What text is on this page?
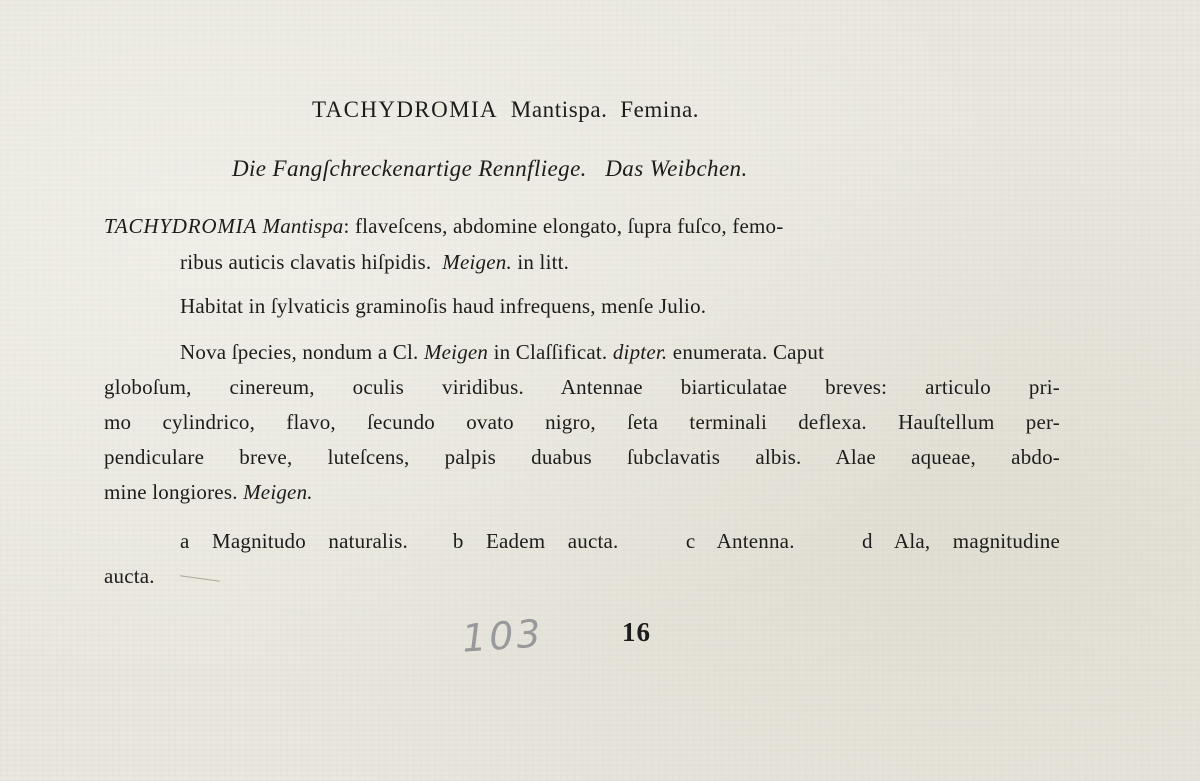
TACHYDROMIA Mantispa. Femina.
Die Fangſchreckenartige Rennfliege. Das Weibchen.
TACHYDROMIA Mantispa: flaveſcens, abdomine elongato, ſupra fuſco, femo-
ribus auticis clavatis hiſpidis. Meigen. in litt.
Habitat in ſylvaticis graminoſis haud infrequens, menſe Julio.
Nova ſpecies, nondum a Cl. Meigen in Claſſificat. dipter. enumerata. Caput
globoſum, cinereum, oculis viridibus. Antennae biarticulatae breves: articulo pri-
mo cylindrico, flavo, ſecundo ovato nigro, ſeta terminali deflexa. Hauſtellum per-
pendiculare breve, luteſcens, palpis duabus ſubclavatis albis. Alae aqueae, abdo-
mine longiores. Meigen.
a Magnitudo naturalis.  b Eadem aucta.   c Antenna.   d Ala, magnitudine
aucta.
103	16
